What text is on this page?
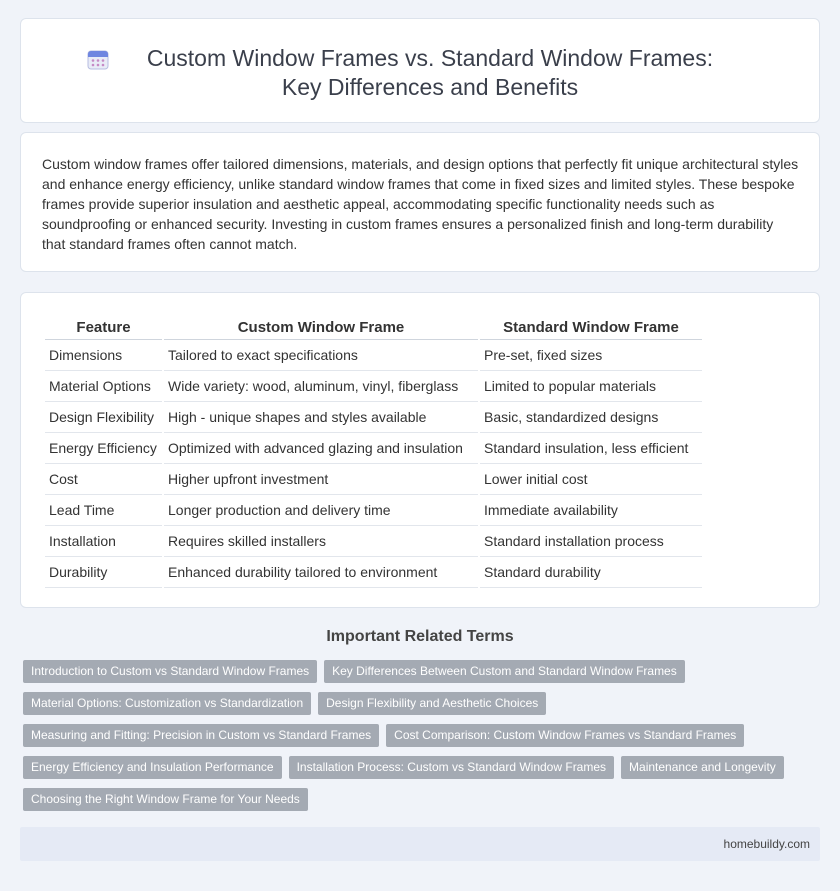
Custom Window Frames vs. Standard Window Frames: Key Differences and Benefits

Custom window frames offer tailored dimensions, materials, and design options that perfectly fit unique architectural styles and enhance energy efficiency, unlike standard window frames that come in fixed sizes and limited styles. These bespoke frames provide superior insulation and aesthetic appeal, accommodating specific functionality needs such as soundproofing or enhanced security. Investing in custom frames ensures a personalized finish and long-term durability that standard frames often cannot match.

Feature	Custom Window Frame	Standard Window Frame
Dimensions	Tailored to exact specifications	Pre-set, fixed sizes
Material Options	Wide variety: wood, aluminum, vinyl, fiberglass	Limited to popular materials
Design Flexibility	High - unique shapes and styles available	Basic, standardized designs
Energy Efficiency	Optimized with advanced glazing and insulation	Standard insulation, less efficient
Cost	Higher upfront investment	Lower initial cost
Lead Time	Longer production and delivery time	Immediate availability
Installation	Requires skilled installers	Standard installation process
Durability	Enhanced durability tailored to environment	Standard durability
Important Related Terms
Introduction to Custom vs Standard Window Frames	Key Differences Between Custom and Standard Window Frames
Material Options: Customization vs Standardization	Design Flexibility and Aesthetic Choices
Measuring and Fitting: Precision in Custom vs Standard Frames	Cost Comparison: Custom Window Frames vs Standard Frames
Energy Efficiency and Insulation Performance	Installation Process: Custom vs Standard Window Frames	Maintenance and Longevity
Choosing the Right Window Frame for Your Needs
homebuildy.com
